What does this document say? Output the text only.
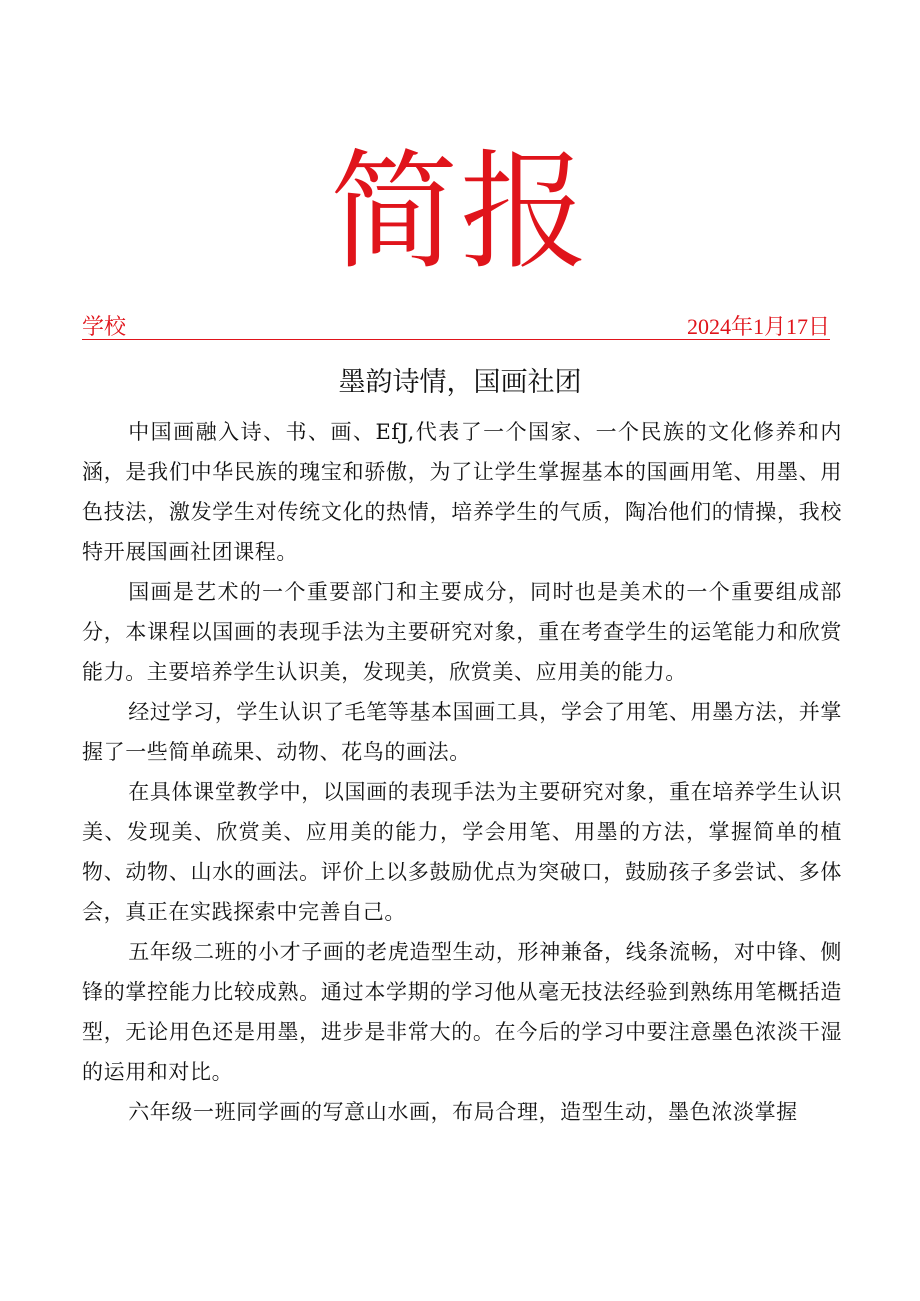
简报
学校	2024年1月17日
墨韵诗情，国画社团

中国画融入诗、书、画、EfJ,代表了一个国家、一个民族的文化修养和内涵，是我们中华民族的瑰宝和骄傲，为了让学生掌握基本的国画用笔、用墨、用色技法，激发学生对传统文化的热情，培养学生的气质，陶冶他们的情操，我校特开展国画社团课程。

国画是艺术的一个重要部门和主要成分，同时也是美术的一个重要组成部分，本课程以国画的表现手法为主要研究对象，重在考查学生的运笔能力和欣赏能力。主要培养学生认识美，发现美，欣赏美、应用美的能力。

经过学习，学生认识了毛笔等基本国画工具，学会了用笔、用墨方法，并掌握了一些简单疏果、动物、花鸟的画法。

在具体课堂教学中，以国画的表现手法为主要研究对象，重在培养学生认识美、发现美、欣赏美、应用美的能力，学会用笔、用墨的方法，掌握简单的植物、动物、山水的画法。评价上以多鼓励优点为突破口，鼓励孩子多尝试、多体会，真正在实践探索中完善自己。

五年级二班的小才子画的老虎造型生动，形神兼备，线条流畅，对中锋、侧锋的掌控能力比较成熟。通过本学期的学习他从毫无技法经验到熟练用笔概括造型，无论用色还是用墨，进步是非常大的。在今后的学习中要注意墨色浓淡干湿的运用和对比。

六年级一班同学画的写意山水画，布局合理，造型生动，墨色浓淡掌握
